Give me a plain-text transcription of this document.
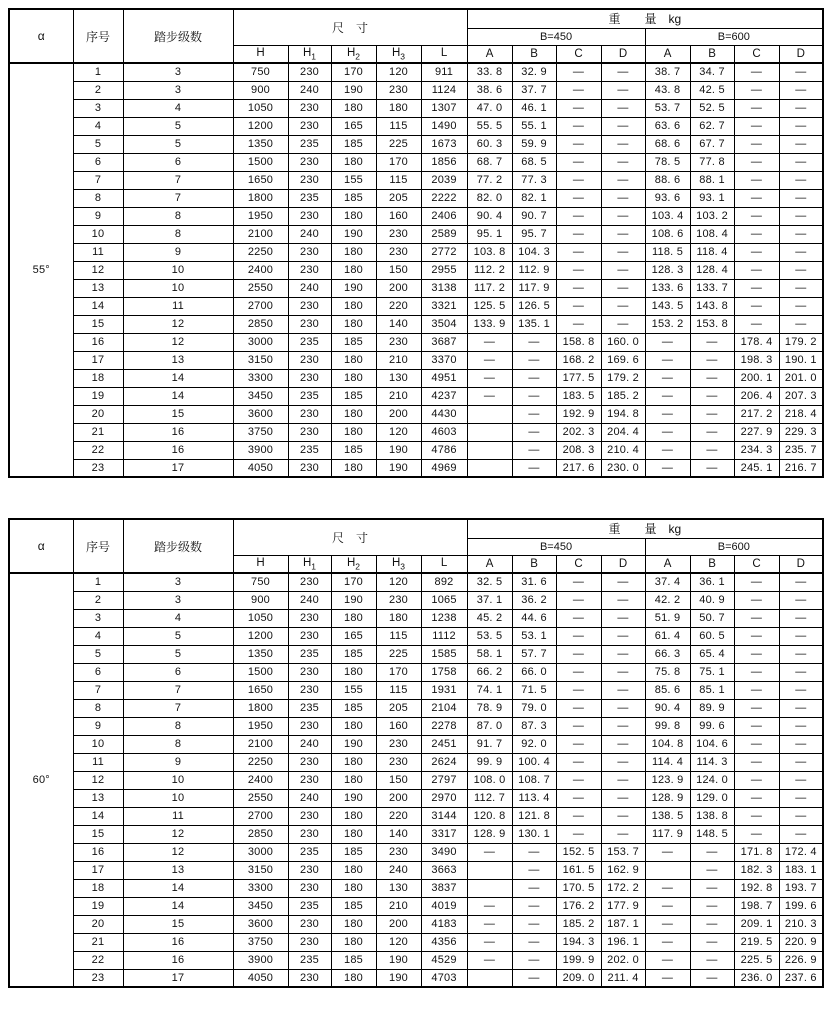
α	序号	踏步级数	尺　寸					重　　量　kg							
								B=450				B=600			
			H	$H_1$	$H_2$	$H_3$	L	A	B	C	D	A	B	C	D
55°	1	3	750	230	170	120	911	33. 8	32. 9	—	—	38. 7	34. 7	—	—
	2	3	900	240	190	230	1124	38. 6	37. 7	—	—	43. 8	42. 5	—	—
	3	4	1050	230	180	180	1307	47. 0	46. 1	—	—	53. 7	52. 5	—	—
	4	5	1200	230	165	115	1490	55. 5	55. 1	—	—	63. 6	62. 7	—	—
	5	5	1350	235	185	225	1673	60. 3	59. 9	—	—	68. 6	67. 7	—	—
	6	6	1500	230	180	170	1856	68. 7	68. 5	—	—	78. 5	77. 8	—	—
	7	7	1650	230	155	115	2039	77. 2	77. 3	—	—	88. 6	88. 1	—	—
	8	7	1800	235	185	205	2222	82. 0	82. 1	—	—	93. 6	93. 1	—	—
	9	8	1950	230	180	160	2406	90. 4	90. 7	—	—	103. 4	103. 2	—	—
	10	8	2100	240	190	230	2589	95. 1	95. 7	—	—	108. 6	108. 4	—	—
	11	9	2250	230	180	230	2772	103. 8	104. 3	—	—	118. 5	118. 4	—	—
	12	10	2400	230	180	150	2955	112. 2	112. 9	—	—	128. 3	128. 4	—	—
	13	10	2550	240	190	200	3138	117. 2	117. 9	—	—	133. 6	133. 7	—	—
	14	11	2700	230	180	220	3321	125. 5	126. 5	—	—	143. 5	143. 8	—	—
	15	12	2850	230	180	140	3504	133. 9	135. 1	—	—	153. 2	153. 8	—	—
	16	12	3000	235	185	230	3687	—	—	158. 8	160. 0	—	—	178. 4	179. 2
	17	13	3150	230	180	210	3370	—	—	168. 2	169. 6	—	—	198. 3	190. 1
	18	14	3300	230	180	130	4951	—	—	177. 5	179. 2	—	—	200. 1	201. 0
	19	14	3450	235	185	210	4237	—	—	183. 5	185. 2	—	—	206. 4	207. 3
	20	15	3600	230	180	200	4430		—	192. 9	194. 8	—	—	217. 2	218. 4
	21	16	3750	230	180	120	4603		—	202. 3	204. 4	—	—	227. 9	229. 3
	22	16	3900	235	185	190	4786		—	208. 3	210. 4	—	—	234. 3	235. 7
	23	17	4050	230	180	190	4969		—	217. 6	230. 0	—	—	245. 1	216. 7
α	序号	踏步级数	尺　寸					重　　量　kg							
								B=450				B=600			
			H	$H_1$	$H_2$	$H_3$	L	A	B	C	D	A	B	C	D
60°	1	3	750	230	170	120	892	32. 5	31. 6	—	—	37. 4	36. 1	—	—
	2	3	900	240	190	230	1065	37. 1	36. 2	—	—	42. 2	40. 9	—	—
	3	4	1050	230	180	180	1238	45. 2	44. 6	—	—	51. 9	50. 7	—	—
	4	5	1200	230	165	115	1112	53. 5	53. 1	—	—	61. 4	60. 5	—	—
	5	5	1350	235	185	225	1585	58. 1	57. 7	—	—	66. 3	65. 4	—	—
	6	6	1500	230	180	170	1758	66. 2	66. 0	—	—	75. 8	75. 1	—	—
	7	7	1650	230	155	115	1931	74. 1	71. 5	—	—	85. 6	85. 1	—	—
	8	7	1800	235	185	205	2104	78. 9	79. 0	—	—	90. 4	89. 9	—	—
	9	8	1950	230	180	160	2278	87. 0	87. 3	—	—	99. 8	99. 6	—	—
	10	8	2100	240	190	230	2451	91. 7	92. 0	—	—	104. 8	104. 6	—	—
	11	9	2250	230	180	230	2624	99. 9	100. 4	—	—	114. 4	114. 3	—	—
	12	10	2400	230	180	150	2797	108. 0	108. 7	—	—	123. 9	124. 0	—	—
	13	10	2550	240	190	200	2970	112. 7	113. 4	—	—	128. 9	129. 0	—	—
	14	11	2700	230	180	220	3144	120. 8	121. 8	—	—	138. 5	138. 8	—	—
	15	12	2850	230	180	140	3317	128. 9	130. 1	—	—	117. 9	148. 5	—	—
	16	12	3000	235	185	230	3490	—	—	152. 5	153. 7	—	—	171. 8	172. 4
	17	13	3150	230	180	240	3663		—	161. 5	162. 9		—	182. 3	183. 1
	18	14	3300	230	180	130	3837		—	170. 5	172. 2	—	—	192. 8	193. 7
	19	14	3450	235	185	210	4019	—	—	176. 2	177. 9	—	—	198. 7	199. 6
	20	15	3600	230	180	200	4183	—	—	185. 2	187. 1	—	—	209. 1	210. 3
	21	16	3750	230	180	120	4356	—	—	194. 3	196. 1	—	—	219. 5	220. 9
	22	16	3900	235	185	190	4529	—	—	199. 9	202. 0	—	—	225. 5	226. 9
	23	17	4050	230	180	190	4703		—	209. 0	211. 4	—	—	236. 0	237. 6
